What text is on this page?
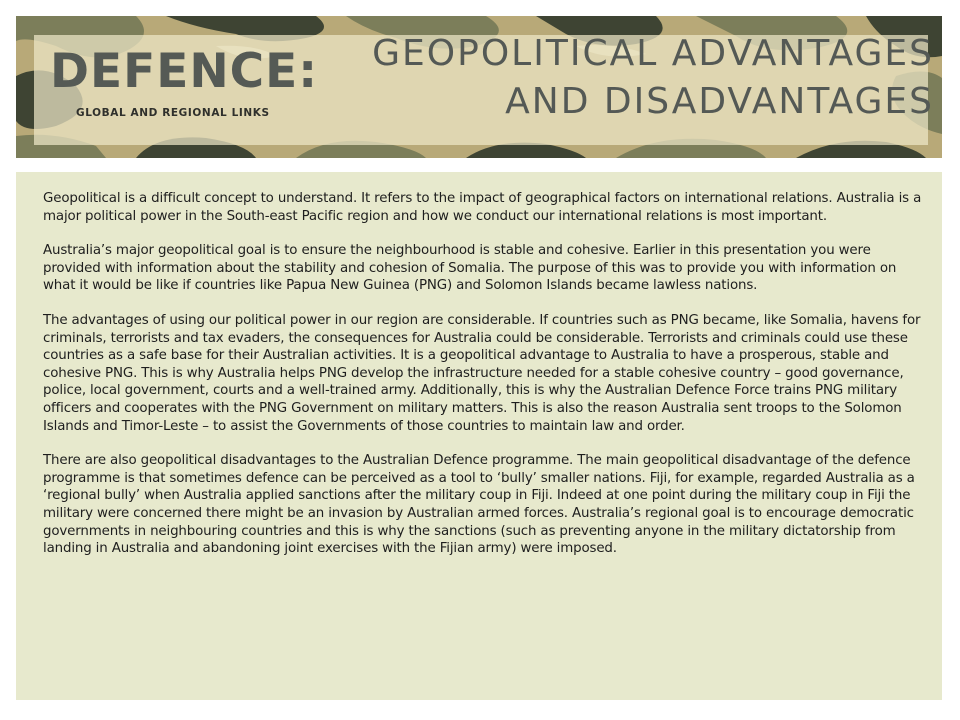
DEFENCE:
GLOBAL AND REGIONAL LINKS
GEOPOLITICAL ADVANTAGES
AND DISADVANTAGES

Geopolitical is a difficult concept to understand. It refers to the impact of geographical factors on international relations. Australia is a major political power in the South-east Pacific region and how we conduct our international relations is most important.

Australia’s major geopolitical goal is to ensure the neighbourhood is stable and cohesive. Earlier in this presentation you were provided with information about the stability and cohesion of Somalia. The purpose of this was to provide you with information on what it would be like if countries like Papua New Guinea (PNG) and Solomon Islands became lawless nations.

The advantages of using our political power in our region are considerable. If countries such as PNG became, like Somalia, havens for criminals, terrorists and tax evaders, the consequences for Australia could be considerable. Terrorists and criminals could use these countries as a safe base for their Australian activities. It is a geopolitical advantage to Australia to have a prosperous, stable and cohesive PNG. This is why Australia helps PNG develop the infrastructure needed for a stable cohesive country – good governance, police, local government, courts and a well-trained army. Additionally, this is why the Australian Defence Force trains PNG military officers and cooperates with the PNG Government on military matters. This is also the reason Australia sent troops to the Solomon Islands and Timor-Leste – to assist the Governments of those countries to maintain law and order.

There are also geopolitical disadvantages to the Australian Defence programme. The main geopolitical disadvantage of the defence programme is that sometimes defence can be perceived as a tool to ‘bully’ smaller nations. Fiji, for example, regarded Australia as a ‘regional bully’ when Australia applied sanctions after the military coup in Fiji. Indeed at one point during the military coup in Fiji the military were concerned there might be an invasion by Australian armed forces. Australia’s regional goal is to encourage democratic governments in neighbouring countries and this is why the sanctions (such as preventing anyone in the military dictatorship from landing in Australia and abandoning joint exercises with the Fijian army) were imposed.
